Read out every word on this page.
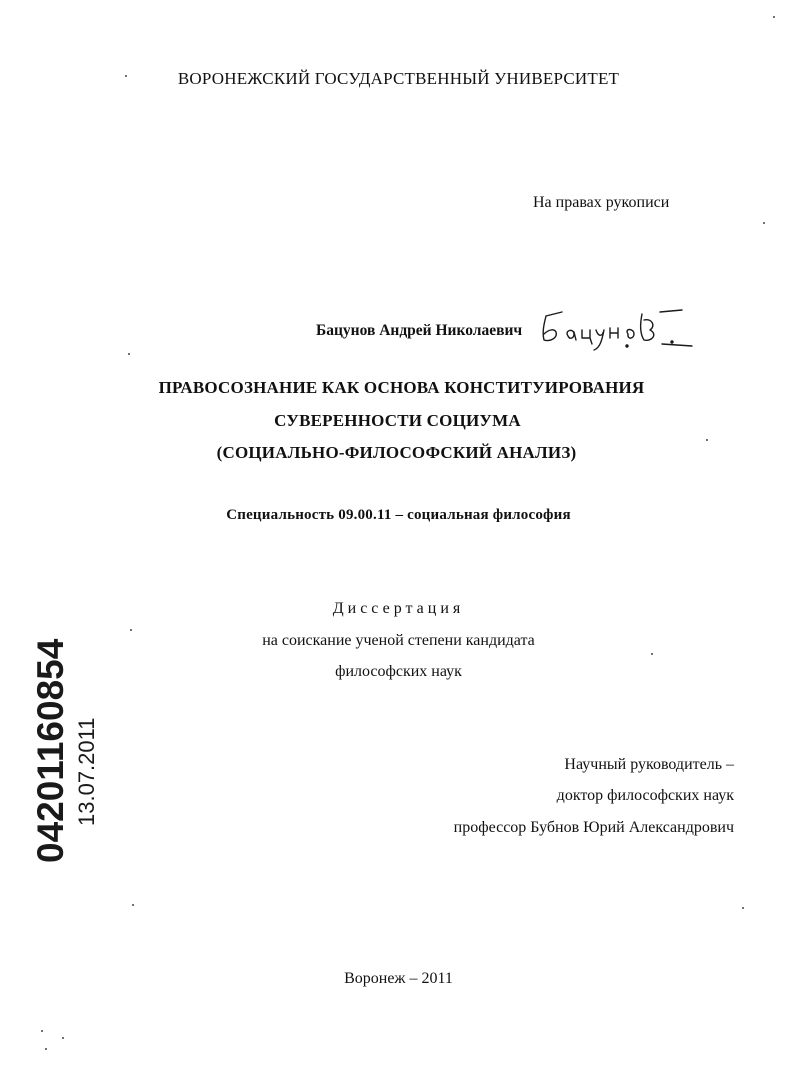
ВОРОНЕЖСКИЙ ГОСУДАРСТВЕННЫЙ УНИВЕРСИТЕТ
На правах рукописи
Бацунов Андрей Николаевич
ПРАВОСОЗНАНИЕ КАК ОСНОВА КОНСТИТУИРОВАНИЯ
СУВЕРЕННОСТИ СОЦИУМА
(СОЦИАЛЬНО-ФИЛОСОФСКИЙ АНАЛИЗ)
Специальность 09.00.11 – социальная философия
Диссертация
на соискание ученой степени кандидата
философских наук
Научный руководитель –
доктор философских наук
профессор Бубнов Юрий Александрович
Воронеж – 2011
04201160854 13.07.2011
